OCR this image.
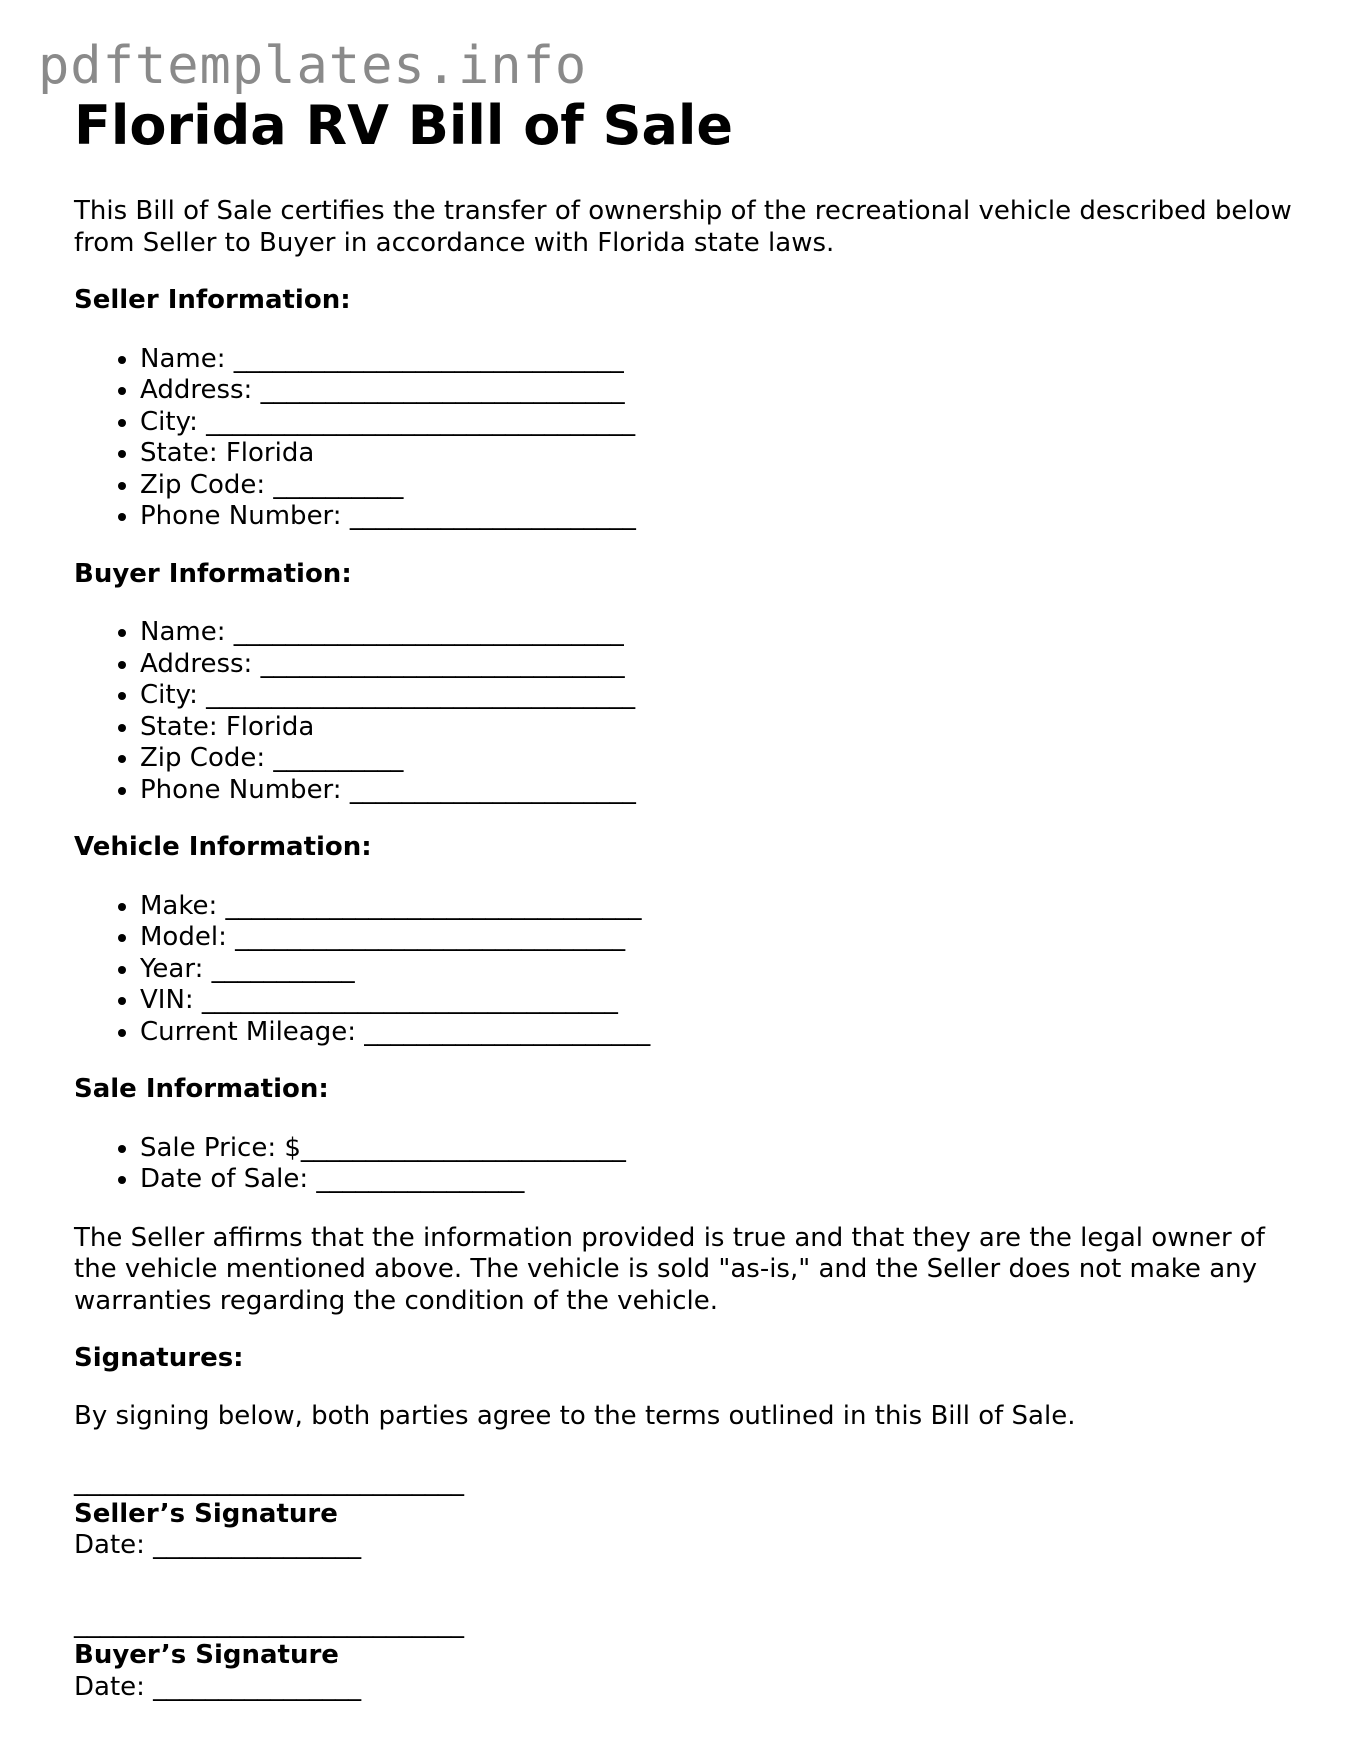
pdftemplates.info
Florida RV Bill of Sale

This Bill of Sale certifies the transfer of ownership of the recreational vehicle described below from Seller to Buyer in accordance with Florida state laws.

Seller Information:
• Name: ______________________________
• Address: ____________________________
• City: _________________________________
• State: Florida
• Zip Code: __________
• Phone Number: ______________________
Buyer Information:
• Name: ______________________________
• Address: ____________________________
• City: _________________________________
• State: Florida
• Zip Code: __________
• Phone Number: ______________________
Vehicle Information:
• Make: ________________________________
• Model: ______________________________
• Year: ___________
• VIN: ________________________________
• Current Mileage: ______________________
Sale Information:
• Sale Price: $_________________________
• Date of Sale: ________________

The Seller affirms that the information provided is true and that they are the legal owner of the vehicle mentioned above. The vehicle is sold "as-is," and the Seller does not make any warranties regarding the condition of the vehicle.

Signatures:

By signing below, both parties agree to the terms outlined in this Bill of Sale.

______________________________
Seller’s Signature
Date: ________________
______________________________
Buyer’s Signature
Date: ________________
